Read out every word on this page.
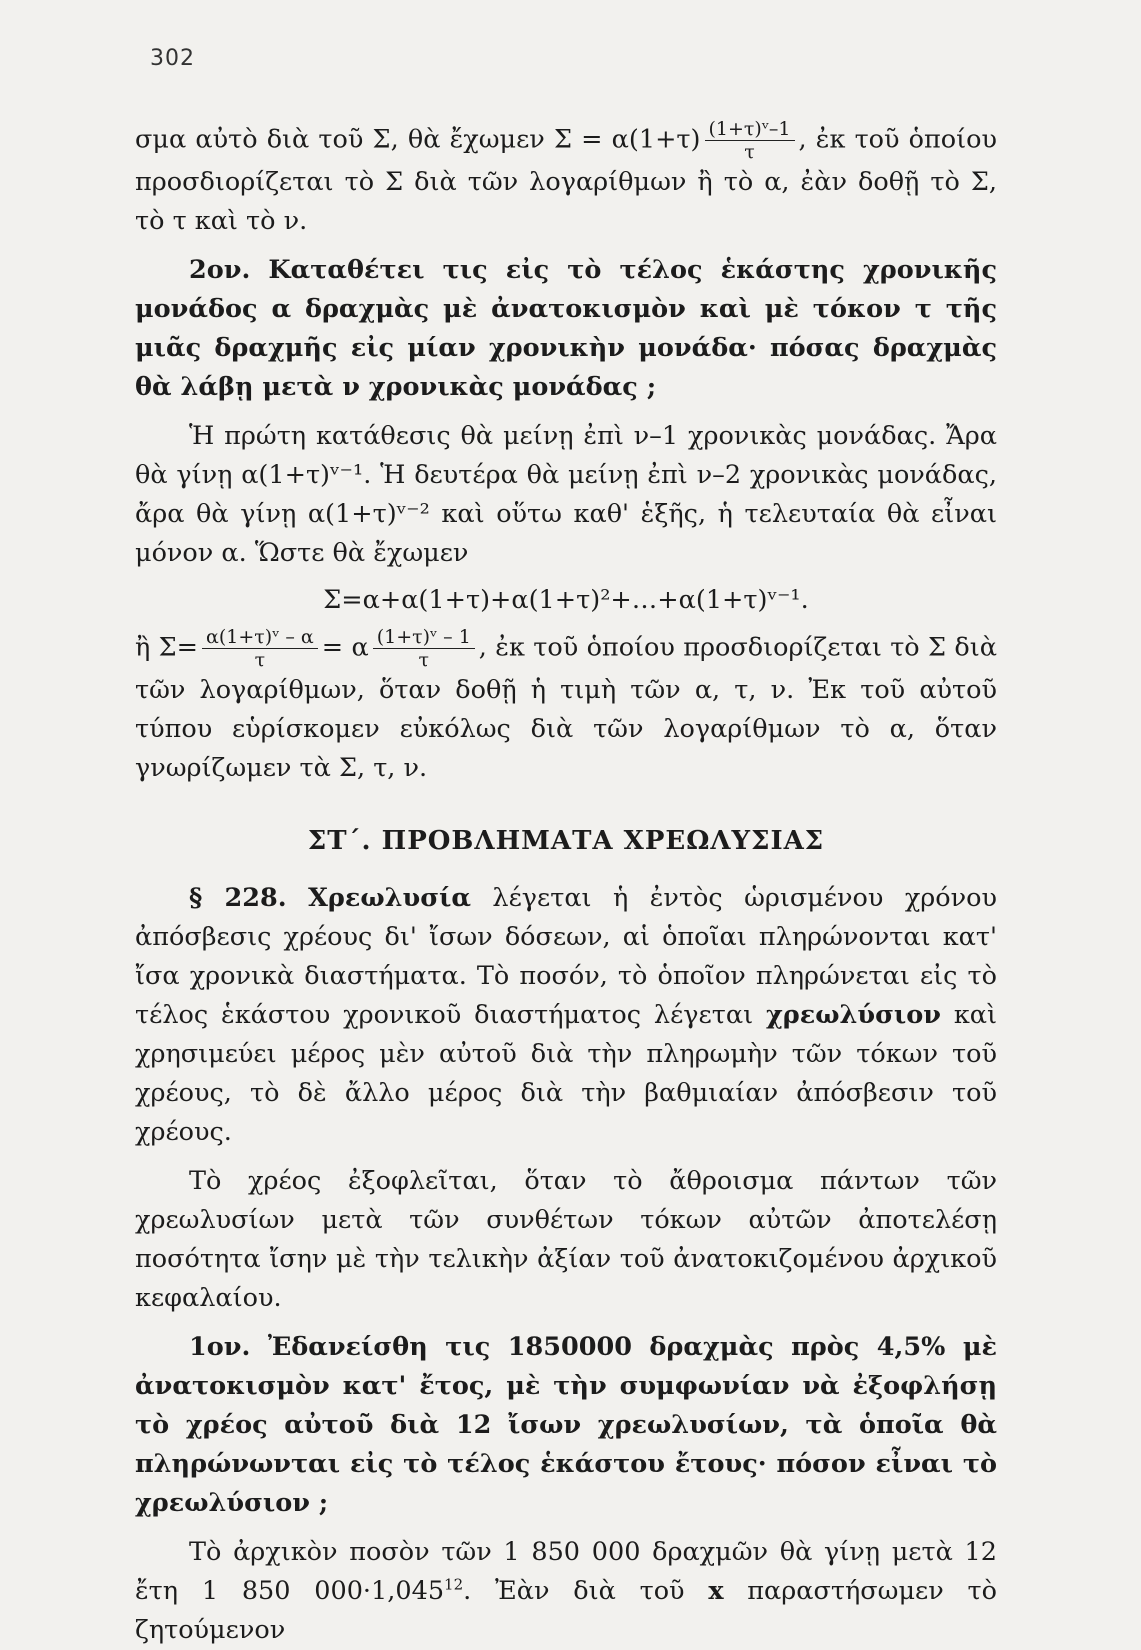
302

σμα αὐτὸ διὰ τοῦ Σ, θὰ ἔχωμεν $\Sigma = \alpha(1+\tau) \frac{\text{(1+τ)ᵛ–1}}{\tau}$ , ἐκ τοῦ ὁποίου προσδιορίζεται τὸ Σ διὰ τῶν λογαρίθμων ἢ τὸ α, ἐὰν δοθῇ τὸ Σ, τὸ τ καὶ τὸ ν.

2ον. Καταθέτει τις εἰς τὸ τέλος ἑκάστης χρονικῆς μονάδος α δραχμὰς μὲ ἀνατοκισμὸν καὶ μὲ τόκον τ τῆς μιᾶς δραχμῆς εἰς μίαν χρονικὴν μονάδα· πόσας δραχμὰς θὰ λάβῃ μετὰ ν χρονικὰς μονάδας ;

Ἡ πρώτη κατάθεσις θὰ μείνῃ ἐπὶ ν–1 χρονικὰς μονάδας. Ἄρα θὰ γίνῃ α(1+τ)ᵛ⁻¹. Ἡ δευτέρα θὰ μείνῃ ἐπὶ ν–2 χρονικὰς μονάδας, ἄρα θὰ γίνῃ α(1+τ)ᵛ⁻² καὶ οὕτω καθ' ἑξῆς, ἡ τελευταία θὰ εἶναι μόνον α. Ὥστε θὰ ἔχωμεν

Σ=α+α(1+τ)+α(1+τ)²+…+α(1+τ)ᵛ⁻¹.

ἢ $\Sigma= \frac{\text{α(1+τ)ᵛ – α}}{\tau} = \alpha \frac{\text{(1+τ)ᵛ – 1}}{\tau}$ , ἐκ τοῦ ὁποίου προσδιορίζεται τὸ Σ διὰ τῶν λογαρίθμων, ὅταν δοθῇ ἡ τιμὴ τῶν α, τ, ν. Ἐκ τοῦ αὐτοῦ τύπου εὑρίσκομεν εὐκόλως διὰ τῶν λογαρίθμων τὸ α, ὅταν γνωρίζωμεν τὰ Σ, τ, ν.

ΣΤ΄. ΠΡΟΒΛΗΜΑΤΑ ΧΡΕΩΛΥΣΙΑΣ

§ 228. Χρεωλυσία λέγεται ἡ ἐντὸς ὡρισμένου χρόνου ἀπόσβεσις χρέους δι' ἴσων δόσεων, αἱ ὁποῖαι πληρώνονται κατ' ἴσα χρονικὰ διαστήματα. Τὸ ποσόν, τὸ ὁποῖον πληρώνεται εἰς τὸ τέλος ἑκάστου χρονικοῦ διαστήματος λέγεται χρεωλύσιον καὶ χρησιμεύει μέρος μὲν αὐτοῦ διὰ τὴν πληρωμὴν τῶν τόκων τοῦ χρέους, τὸ δὲ ἄλλο μέρος διὰ τὴν βαθμιαίαν ἀπόσβεσιν τοῦ χρέους.

Τὸ χρέος ἐξοφλεῖται, ὅταν τὸ ἄθροισμα πάντων τῶν χρεωλυσίων μετὰ τῶν συνθέτων τόκων αὐτῶν ἀποτελέσῃ ποσότητα ἴσην μὲ τὴν τελικὴν ἀξίαν τοῦ ἀνατοκιζομένου ἀρχικοῦ κεφαλαίου.

1ον. Ἐδανείσθη τις 1850000 δραχμὰς πρὸς 4,5% μὲ ἀνατοκισμὸν κατ' ἔτος, μὲ τὴν συμφωνίαν νὰ ἐξοφλήσῃ τὸ χρέος αὐτοῦ διὰ 12 ἴσων χρεωλυσίων, τὰ ὁποῖα θὰ πληρώνωνται εἰς τὸ τέλος ἑκάστου ἔτους· πόσον εἶναι τὸ χρεωλύσιον ;

Τὸ ἀρχικὸν ποσὸν τῶν 1 850 000 δραχμῶν θὰ γίνῃ μετὰ 12 ἔτη 1 850 $000\cdot 1,045^{12}$. Ἐὰν διὰ τοῦ x παραστήσωμεν τὸ ζητούμενον
